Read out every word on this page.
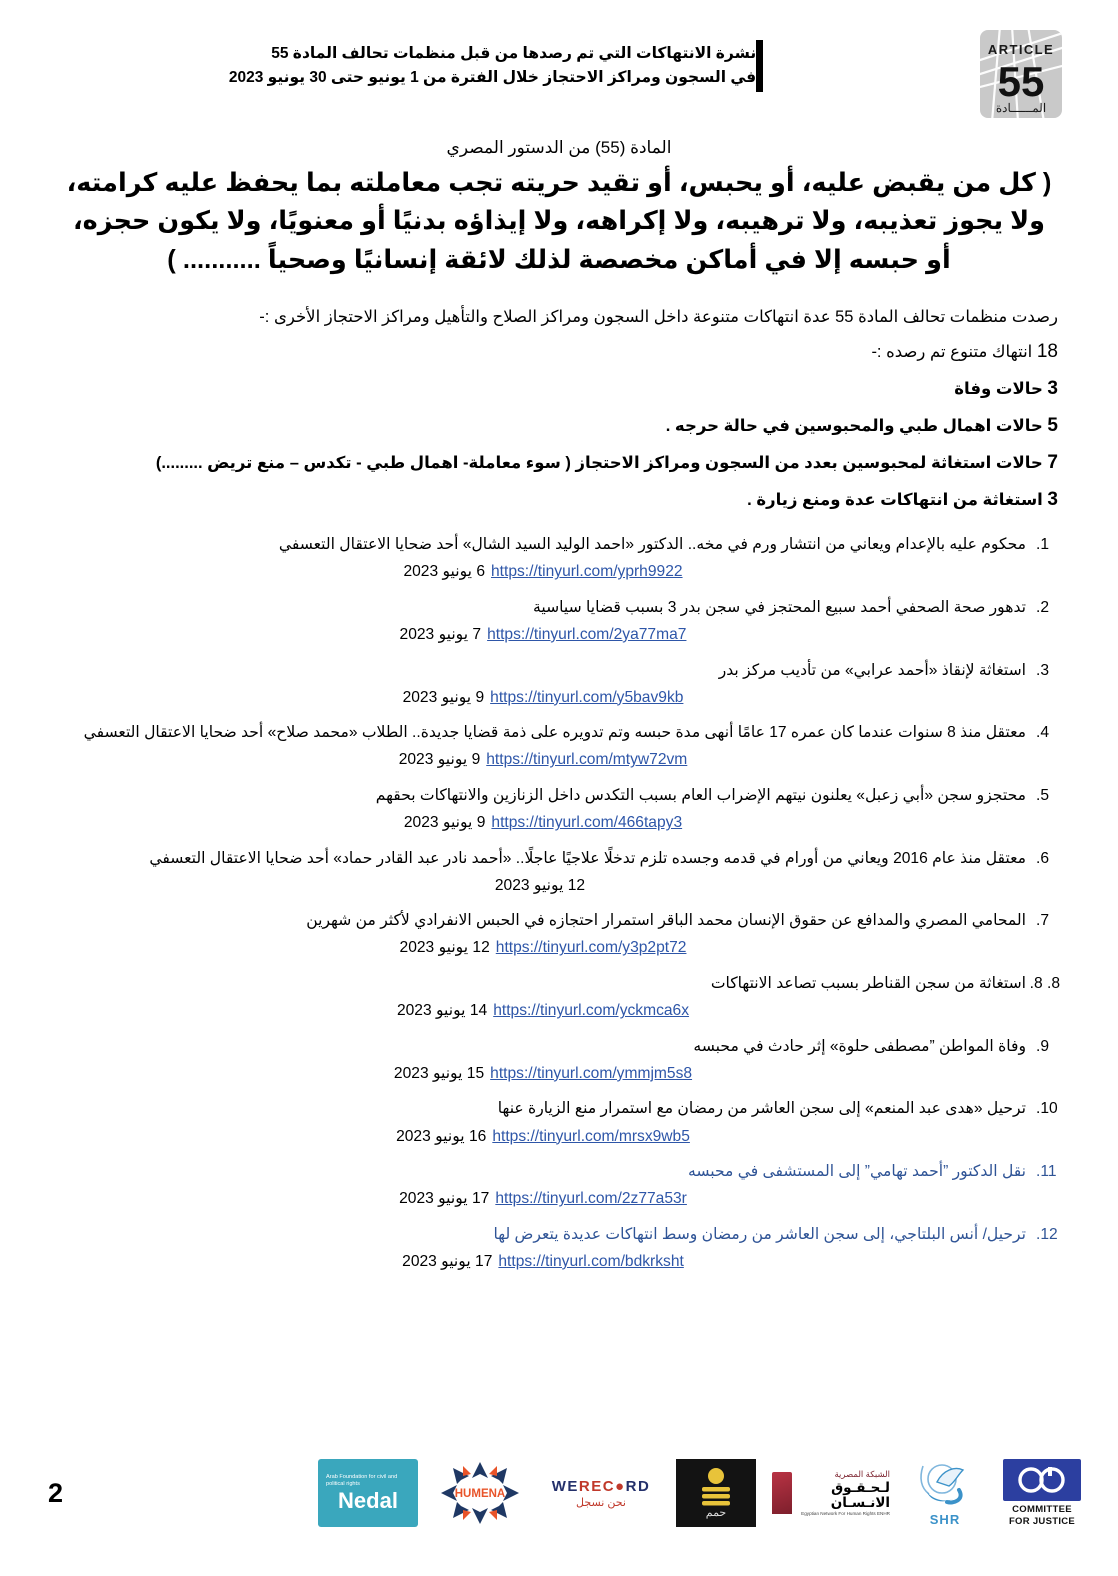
ARTICLE
55
المــــــادة
نشرة الانتهاكات التي تم رصدها من قبل منظمات تحالف المادة 55
في السجون ومراكز الاحتجاز خلال الفترة من 1 يونيو حتى 30 يونيو 2023
المادة (55) من الدستور المصري
( كل من يقبض عليه، أو يحبس، أو تقيد حريته تجب معاملته بما يحفظ عليه كرامته،
ولا يجوز تعذيبه، ولا ترهيبه، ولا إكراهه، ولا إيذاؤه بدنيًا أو معنويًا، ولا يكون حجزه،
أو حبسه إلا في أماكن مخصصة لذلك لائقة إنسانيًا وصحياً ........... )
رصدت منظمات تحالف المادة 55 عدة انتهاكات متنوعة داخل السجون ومراكز الصلاح والتأهيل ومراكز الاحتجاز الأخرى :-
18 انتهاك متنوع تم رصده :-
3 حالات وفاة
5 حالات اهمال طبي والمحبوسين في حالة حرجه .
7 حالات استغاثة لمحبوسين بعدد من السجون ومراكز الاحتجاز ( سوء معاملة- اهمال طبي - تكدس – منع تريض .........)
3 استغاثة من انتهاكات عدة ومنع زيارة .
1.
محكوم عليه بالإعدام ويعاني من انتشار ورم في مخه.. الدكتور «احمد الوليد السيد الشال» أحد ضحايا الاعتقال التعسفي
https://tinyurl.com/yprh99226 يونيو 2023
2.
تدهور صحة الصحفي أحمد سبيع المحتجز في سجن بدر 3 بسبب قضايا سياسية
https://tinyurl.com/2ya77ma77 يونيو 2023
3.
استغاثة لإنقاذ «أحمد عرابي» من تأديب مركز بدر
https://tinyurl.com/y5bav9kb9 يونيو 2023
4.
معتقل منذ 8 سنوات عندما كان عمره 17 عامًا أنهى مدة حبسه وتم تدويره على ذمة قضايا جديدة.. الطلاب «محمد صلاح» أحد ضحايا الاعتقال التعسفي
https://tinyurl.com/mtyw72vm9 يونيو 2023
5.
محتجزو سجن «أبي زعبل» يعلنون نيتهم الإضراب العام بسبب التكدس داخل الزنازين والانتهاكات بحقهم
https://tinyurl.com/466tapy39 يونيو 2023
6.
معتقل منذ عام 2016 ويعاني من أورام في قدمه وجسده تلزم تدخلًا علاجيًا عاجلًا.. «أحمد نادر عبد القادر حماد» أحد ضحايا الاعتقال التعسفي
12 يونيو 2023
7.
المحامي المصري والمدافع عن حقوق الإنسان محمد الباقر استمرار احتجازه في الحبس الانفرادي لأكثر من شهرين
https://tinyurl.com/y3p2pt7212 يونيو 2023
8. 8.
استغاثة من سجن القناطر بسبب تصاعد الانتهاكات
https://tinyurl.com/yckmca6x14 يونيو 2023
9.
وفاة المواطن ”مصطفى حلوة» إثر حادث في محبسه
https://tinyurl.com/ymmjm5s815 يونيو 2023
10.
ترحيل «هدى عبد المنعم» إلى سجن العاشر من رمضان مع استمرار منع الزيارة عنها
https://tinyurl.com/mrsx9wb516 يونيو 2023
11.
نقل الدكتور ”أحمد تهامي” إلى المستشفى في محبسه
https://tinyurl.com/2z77a53r17 يونيو 2023
12.
ترحيل/ أنس البلتاجي، إلى سجن العاشر من رمضان وسط انتهاكات عديدة يتعرض لها
https://tinyurl.com/bdkrksht17 يونيو 2023
COMMITTEE
FOR JUSTICE
SHR
الشبكة المصرية
لـحـقـوق الانـسـان
Egyptian Network For Human Rights ENHR
حمم
WEREC●RD
نحن نسجل
HUMENA
Arab Foundation for civil and political rights
Nedal
2
